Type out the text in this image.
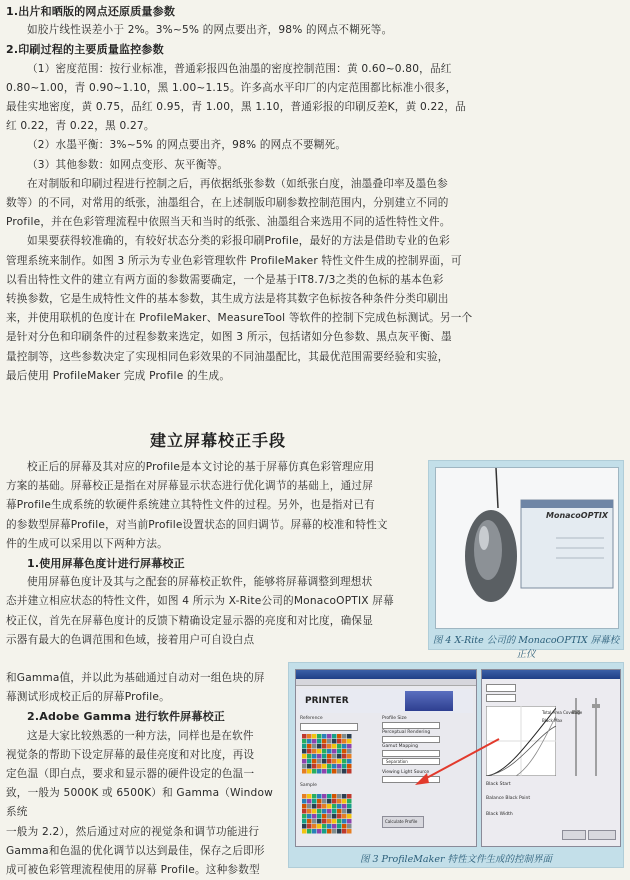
1.出片和晒版的网点还原质量参数

如胶片线性误差小于 2%。3%~5% 的网点要出齐，98% 的网点不糊死等。

2.印刷过程的主要质量监控参数

（1）密度范围：按行业标准，普通彩报四色油墨的密度控制范围：黄 0.60~0.80，品红

0.80~1.00，青 0.90~1.10，黑 1.00~1.15。许多高水平印厂的内定范围都比标准小很多，

最佳实地密度，黄 0.75，品红 0.95，青 1.00，黑 1.10，普通彩报的印刷反差K，黄 0.22，品

红 0.22，青 0.22，黑 0.27。

（2）水墨平衡：3%~5% 的网点要出齐，98% 的网点不要糊死。

（3）其他参数：如网点变形、灰平衡等。

在对制版和印刷过程进行控制之后，再依据纸张参数（如纸张白度，油墨叠印率及墨色参

数等）的不同，对常用的纸张，油墨组合，在上述制版印刷参数控制范围内，分别建立不同的

Profile，并在色彩管理流程中依照当天和当时的纸张、油墨组合来选用不同的适性特性文件。

如果要获得较准确的，有较好状态分类的彩报印刷Profile，最好的方法是借助专业的色彩

管理系统来制作。如图 3 所示为专业色彩管理软件 ProfileMaker 特性文件生成的控制界面，可

以看出特性文件的建立有两方面的参数需要确定，一个是基于IT8.7/3之类的色标的基本色彩

转换参数，它是生成特性文件的基本参数，其生成方法是将其数字色标按各种条件分类印刷出

来，并使用联机的色度计在 ProfileMaker、MeasureTool 等软件的控制下完成色标测试。另一个

是针对分色和印刷条件的过程参数来选定，如图 3 所示，包括诸如分色参数、黑点灰平衡、墨

量控制等，这些参数决定了实现相同色彩效果的不同油墨配比，其最优范围需要经验和实验，

最后使用 ProfileMaker 完成 Profile 的生成。

建立屏幕校正手段

校正后的屏幕及其对应的Profile是本文讨论的基于屏幕仿真色彩管理应用

方案的基础。屏幕校正是指在对屏幕显示状态进行优化调节的基础上，通过屏

幕Profile生成系统的软硬件系统建立其特性文件的过程。另外，也是指对已有

的参数型屏幕Profile，对当前Profile设置状态的回归调节。屏幕的校准和特性文

件的生成可以采用以下两种方法。

1.使用屏幕色度计进行屏幕校正

使用屏幕色度计及其与之配套的屏幕校正软件，能够将屏幕调整到理想状

态并建立相应状态的特性文件，如图 4 所示为 X-Rite公司的MonacoOPTIX 屏幕

校正仪，首先在屏幕色度计的反馈下精确设定显示器的亮度和对比度，确保显

示器有最大的色调范围和色域，接着用户可自设白点

和Gamma值，并以此为基础通过自动对一组色块的屏

幕测试形成校正后的屏幕Profile。

2.Adobe Gamma 进行软件屏幕校正

这是大家比较熟悉的一种方法，同样也是在软件

视觉条的帮助下设定屏幕的最佳亮度和对比度，再设

定色温（即白点，要求和显示器的硬件设定的色温一

致，一般为 5000K 或 6500K）和 Gamma（Window 系统

一般为 2.2），然后通过对应的视觉条和调节功能进行

Gamma和色温的优化调节以达到最佳，保存之后即形

成可被色彩管理流程使用的屏幕 Profile。这种参数型

MonacoOPTIX
图 4 X-Rite 公司的 MonacoOPTIX 屏幕校正仪
PRINTER
Reference
Sample
Profile Size
Perceptual Rendering
Gamut Mapping
Separation
Viewing Light Source
Calculate Profile
Black Start
Balance Black Point
Black Width
Total Area Coverage
Black Max
图 3 ProfileMaker 特性文件生成的控制界面
